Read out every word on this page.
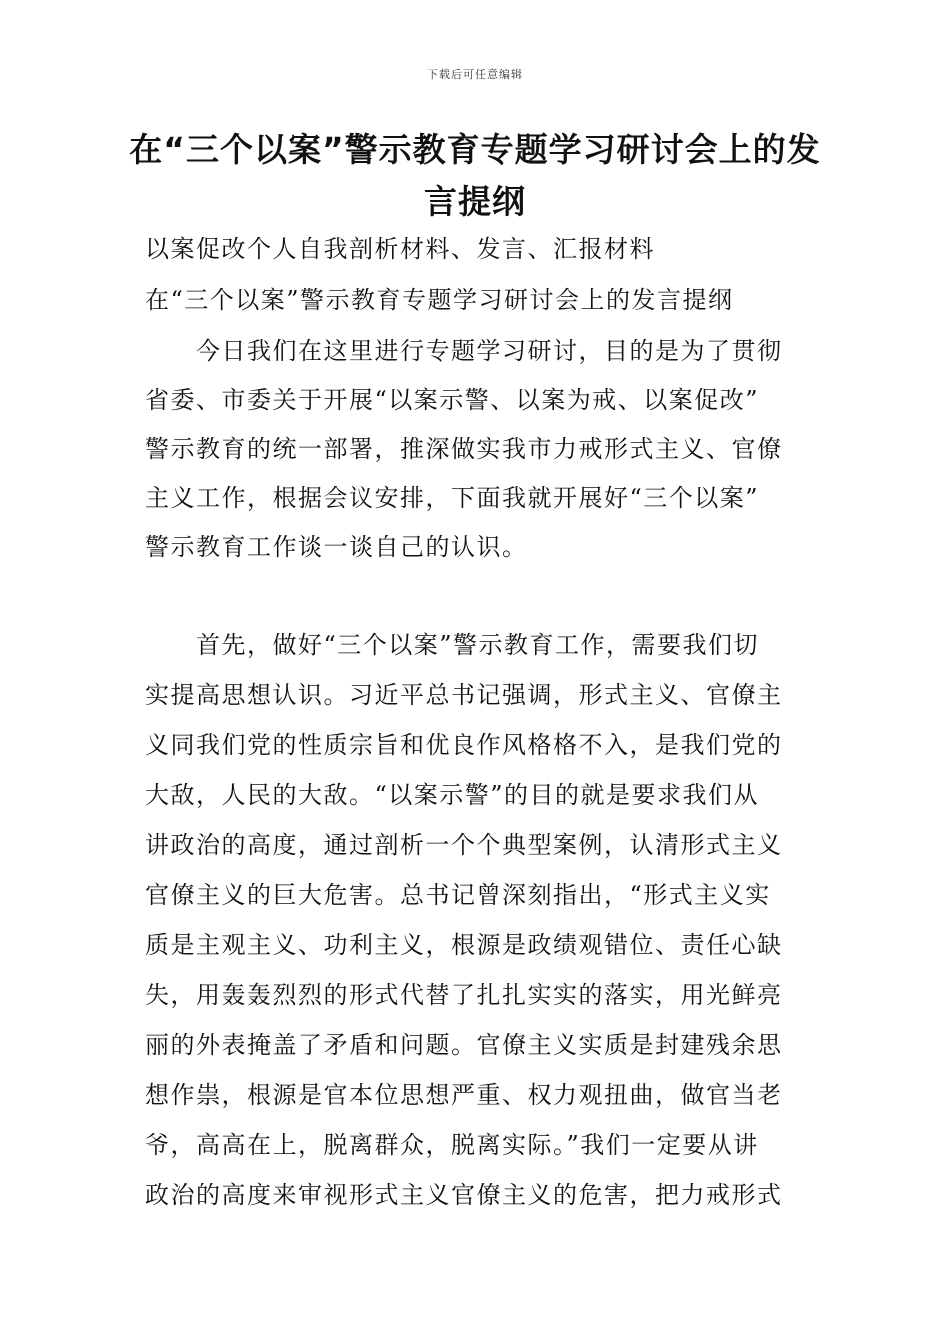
下载后可任意编辑
在“三个以案”警示教育专题学习研讨会上的发言提纲
以案促改个人自我剖析材料、发言、汇报材料
在“三个以案”警示教育专题学习研讨会上的发言提纲
　　今日我们在这里进行专题学习研讨，目的是为了贯彻
省委、市委关于开展“以案示警、以案为戒、以案促改”
警示教育的统一部署，推深做实我市力戒形式主义、官僚
主义工作，根据会议安排，下面我就开展好“三个以案”
警示教育工作谈一谈自己的认识。
　　首先，做好“三个以案”警示教育工作，需要我们切
实提高思想认识。习近平总书记强调，形式主义、官僚主
义同我们党的性质宗旨和优良作风格格不入，是我们党的
大敌，人民的大敌。“以案示警”的目的就是要求我们从
讲政治的高度，通过剖析一个个典型案例，认清形式主义
官僚主义的巨大危害。总书记曾深刻指出，“形式主义实
质是主观主义、功利主义，根源是政绩观错位、责任心缺
失，用轰轰烈烈的形式代替了扎扎实实的落实，用光鲜亮
丽的外表掩盖了矛盾和问题。官僚主义实质是封建残余思
想作祟，根源是官本位思想严重、权力观扭曲，做官当老
爷，高高在上，脱离群众，脱离实际。”我们一定要从讲
政治的高度来审视形式主义官僚主义的危害，把力戒形式
